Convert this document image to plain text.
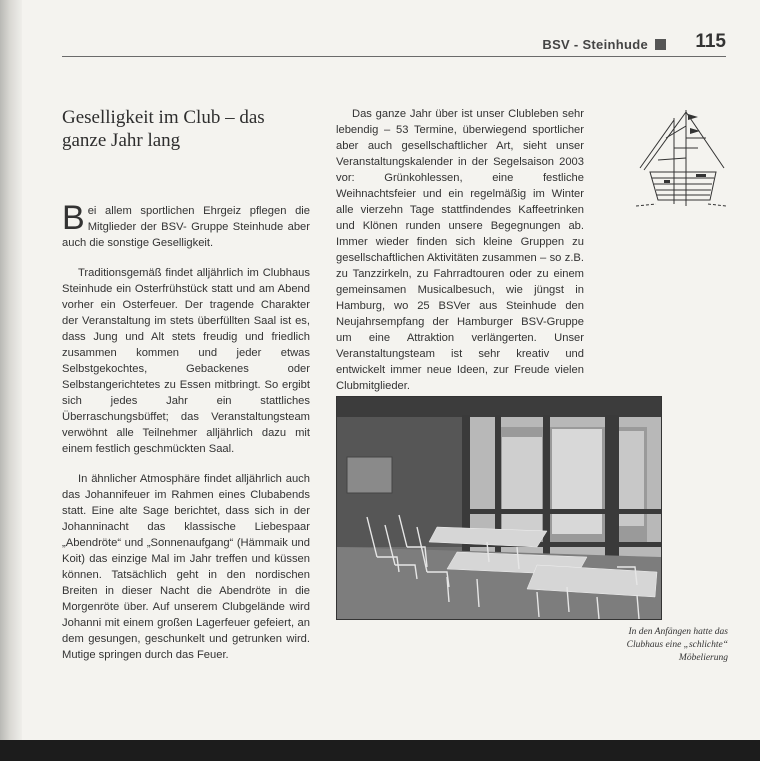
BSV - Steinhude 115
Geselligkeit im Club – das ganze Jahr lang

Bei allem sportlichen Ehrgeiz pflegen die Mitglieder der BSV- Gruppe Steinhude aber auch die sonstige Geselligkeit.

Traditionsgemäß findet alljährlich im Clubhaus Steinhude ein Osterfrühstück statt und am Abend vorher ein Osterfeuer. Der tragende Charakter der Veranstaltung im stets überfüllten Saal ist es, dass Jung und Alt stets freudig und friedlich zusammen kommen und jeder etwas Selbstgekochtes, Gebackenes oder Selbstangerichtetes zu Essen mitbringt. So ergibt sich jedes Jahr ein stattliches Überraschungsbüffet; das Veranstaltungsteam verwöhnt alle Teilnehmer alljährlich dazu mit einem festlich geschmückten Saal.

In ähnlicher Atmosphäre findet alljährlich auch das Johannifeuer im Rahmen eines Clubabends statt. Eine alte Sage berichtet, dass sich in der Johanninacht das klassische Liebespaar „Abendröte“ und „Sonnenaufgang“ (Hämmaik und Koit) das einzige Mal im Jahr treffen und küssen können. Tatsächlich geht in den nordischen Breiten in dieser Nacht die Abendröte in die Morgenröte über. Auf unserem Clubgelände wird Johanni mit einem großen Lagerfeuer gefeiert, an dem gesungen, geschunkelt und getrunken wird. Mutige springen durch das Feuer.

Das ganze Jahr über ist unser Clubleben sehr lebendig – 53 Termine, überwiegend sportlicher aber auch gesellschaftlicher Art, sieht unser Veranstaltungskalender in der Segelsaison 2003 vor: Grünkohlessen, eine festliche Weihnachtsfeier und ein regelmäßig im Winter alle vierzehn Tage stattfindendes Kaffeetrinken und Klönen runden unsere Begegnungen ab. Immer wieder finden sich kleine Gruppen zu gesellschaftlichen Aktivitäten zusammen – so z.B. zu Tanzzirkeln, zu Fahrradtouren oder zu einem gemeinsamen Musicalbesuch, wie jüngst in Hamburg, wo 25 BSVer aus Steinhude den Neujahrsempfang der Hamburger BSV-Gruppe um eine Attraktion verlängerten. Unser Veranstaltungsteam ist sehr kreativ und entwickelt immer neue Ideen, zur Freude vielen Clubmitglieder.

In den Anfängen hatte das Clubhaus eine „schlichte“ Möbelierung
